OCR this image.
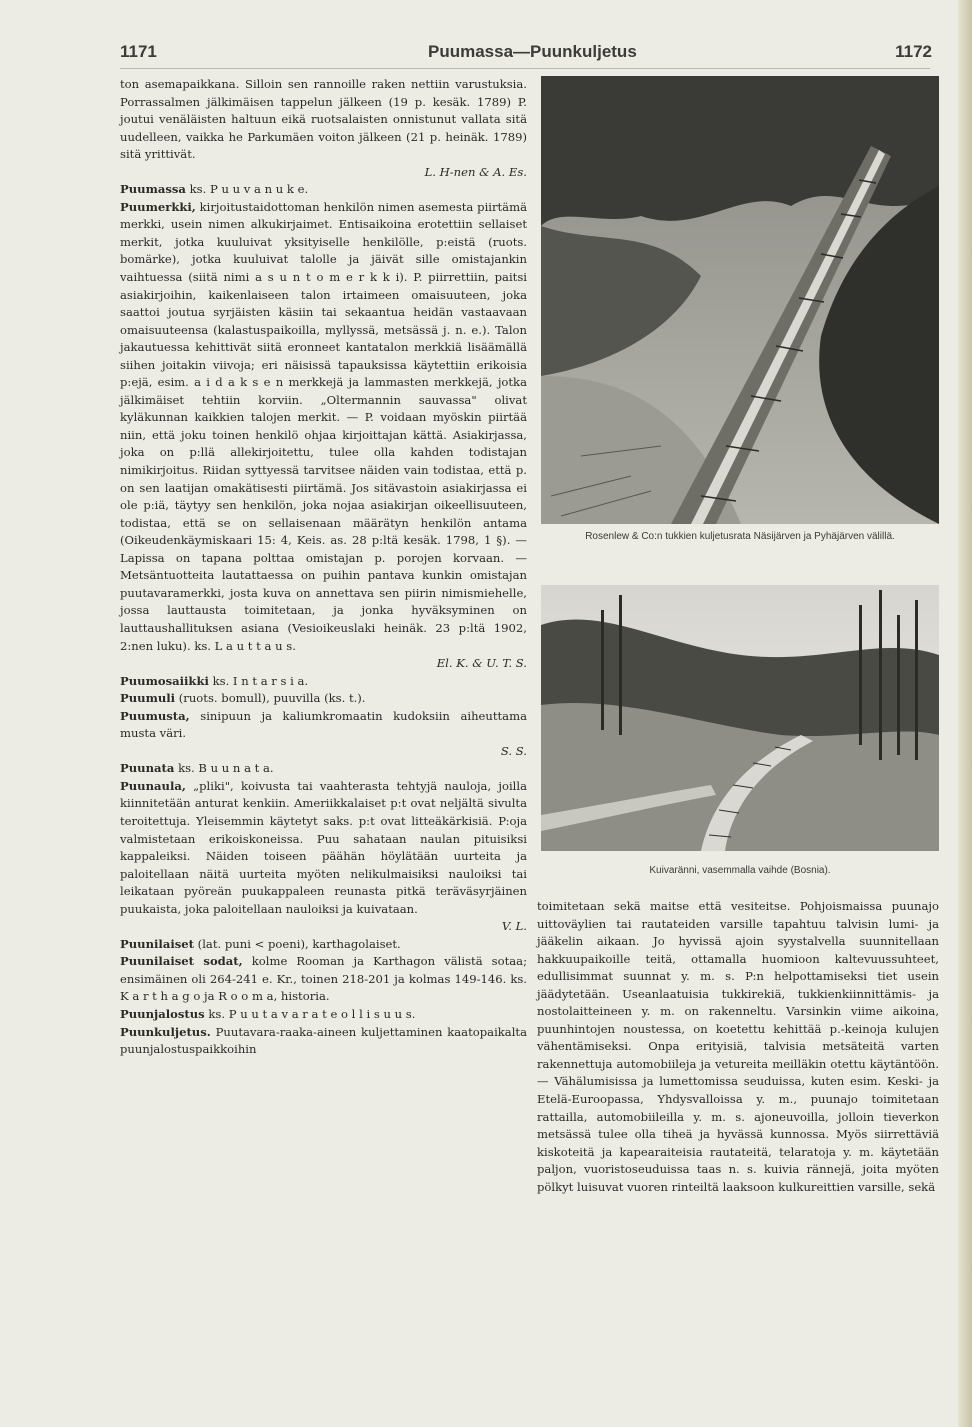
1171	Puumassa—Puunkuljetus	1172

ton asemapaikkana. Silloin sen rannoille raken nettiin varustuksia. Porrassalmen jälkimäisen tappelun jälkeen (19 p. kesäk. 1789) P. joutui venäläisten haltuun eikä ruotsalaisten onnistunut vallata sitä uudelleen, vaikka he Parkumäen voiton jälkeen (21 p. heinäk. 1789) sitä yrittivät.

L. H-nen & A. Es.

Puumassa ks. P u u v a n u k e.

Puumerkki, kirjoitustaidottoman henkilön nimen asemesta piirtämä merkki, usein nimen alkukirjaimet. Entisaikoina erotettiin sellaiset merkit, jotka kuuluivat yksityiselle henkilölle, p:eistä (ruots. bomärke), jotka kuuluivat talolle ja jäivät sille omistajankin vaihtuessa (siitä nimi a s u n t o m e r k k i). P. piirrettiin, paitsi asiakirjoihin, kaikenlaiseen talon irtaimeen omaisuuteen, joka saattoi joutua syrjäisten käsiin tai sekaantua heidän vastaavaan omaisuuteensa (kalastuspaikoilla, myllyssä, metsässä j. n. e.). Talon jakautuessa kehittivät siitä eronneet kantatalon merkkiä lisäämällä siihen joitakin viivoja; eri näisissä tapauksissa käytettiin erikoisia p:ejä, esim. a i d a k s e n merkkejä ja lammasten merkkejä, jotka jälkimäiset tehtiin korviin. „Oltermannin sauvassa" olivat kyläkunnan kaikkien talojen merkit. — P. voidaan myöskin piirtää niin, että joku toinen henkilö ohjaa kirjoittajan kättä. Asiakirjassa, joka on p:llä allekirjoitettu, tulee olla kahden todistajan nimikirjoitus. Riidan syttyessä tarvitsee näiden vain todistaa, että p. on sen laatijan omakätisesti piirtämä. Jos sitävastoin asiakirjassa ei ole p:iä, täytyy sen henkilön, joka nojaa asiakirjan oikeellisuuteen, todistaa, että se on sellaisenaan määrätyn henkilön antama (Oikeudenkäymiskaari 15: 4, Keis. as. 28 p:ltä kesäk. 1798, 1 §). — Lapissa on tapana polttaa omistajan p. porojen korvaan. — Metsäntuotteita lautattaessa on puihin pantava kunkin omistajan puutavaramerkki, josta kuva on annettava sen piirin nimismiehelle, jossa lauttausta toimitetaan, ja jonka hyväksyminen on lauttaushallituksen asiana (Vesioikeuslaki heinäk. 23 p:ltä 1902, 2:nen luku). ks. L a u t t a u s.

El. K. & U. T. S.

Puumosaiikki ks. I n t a r s i a.

Puumuli (ruots. bomull), puuvilla (ks. t.).

Puumusta, sinipuun ja kaliumkromaatin kudoksiin aiheuttama musta väri.

S. S.

Puunata ks. B u u n a t a.

Puunaula, „pliki", koivusta tai vaahterasta tehtyjä nauloja, joilla kiinnitetään anturat kenkiin. Ameriikkalaiset p:t ovat neljältä sivulta teroitettuja. Yleisemmin käytetyt saks. p:t ovat litteäkärkisiä. P:oja valmistetaan erikoiskoneissa. Puu sahataan naulan pituisiksi kappaleiksi. Näiden toiseen päähän höylätään uurteita ja paloitellaan näitä uurteita myöten nelikulmaisiksi nauloiksi tai leikataan pyöreän puukappaleen reunasta pitkä teräväsyrjäinen puukaista, joka paloitellaan nauloiksi ja kuivataan.

V. L.

Puunilaiset (lat. puni < poeni), karthagolaiset.

Puunilaiset sodat, kolme Rooman ja Karthagon välistä sotaa; ensimäinen oli 264-241 e. Kr., toinen 218-201 ja kolmas 149-146. ks. K a r t h a g o ja R o o m a, historia.

Puunjalostus ks. P u u t a v a r a t e o l l i s u u s.

Puunkuljetus. Puutavara-raaka-aineen kuljettaminen kaatopaikalta puunjalostuspaikkoihin

Rosenlew & Co:n tukkien kuljetusrata Näsijärven ja Pyhäjärven välillä.
Kuivaränni, vasemmalla vaihde (Bosnia).

toimitetaan sekä maitse että vesiteitse. Pohjoismaissa puunajo uittoväylien tai rautateiden varsille tapahtuu talvisin lumi- ja jääkelin aikaan. Jo hyvissä ajoin syystalvella suunnitellaan hakkuupaikoille teitä, ottamalla huomioon kaltevuussuhteet, edullisimmat suunnat y. m. s. P:n helpottamiseksi tiet usein jäädytetään. Useanlaatuisia tukkirekiä, tukkienkiinnittämis- ja nostolaitteineen y. m. on rakenneltu. Varsinkin viime aikoina, puunhintojen noustessa, on koetettu kehittää p.-keinoja kulujen vähentämiseksi. Onpa erityisiä, talvisia metsäteitä varten rakennettuja automobiileja ja vetureita meilläkin otettu käytäntöön. — Vähälumisissa ja lumettomissa seuduissa, kuten esim. Keski- ja Etelä-Euroopassa, Yhdysvalloissa y. m., puunajo toimitetaan rattailla, automobiileilla y. m. s. ajoneuvoilla, jolloin tieverkon metsässä tulee olla tiheä ja hyvässä kunnossa. Myös siirrettäviä kiskoteitä ja kapearaiteisia rautateitä, telaratoja y. m. käytetään paljon, vuoristoseuduissa taas n. s. kuivia rännejä, joita myöten pölkyt luisuvat vuoren rinteiltä laaksoon kulkureittien varsille, sekä
